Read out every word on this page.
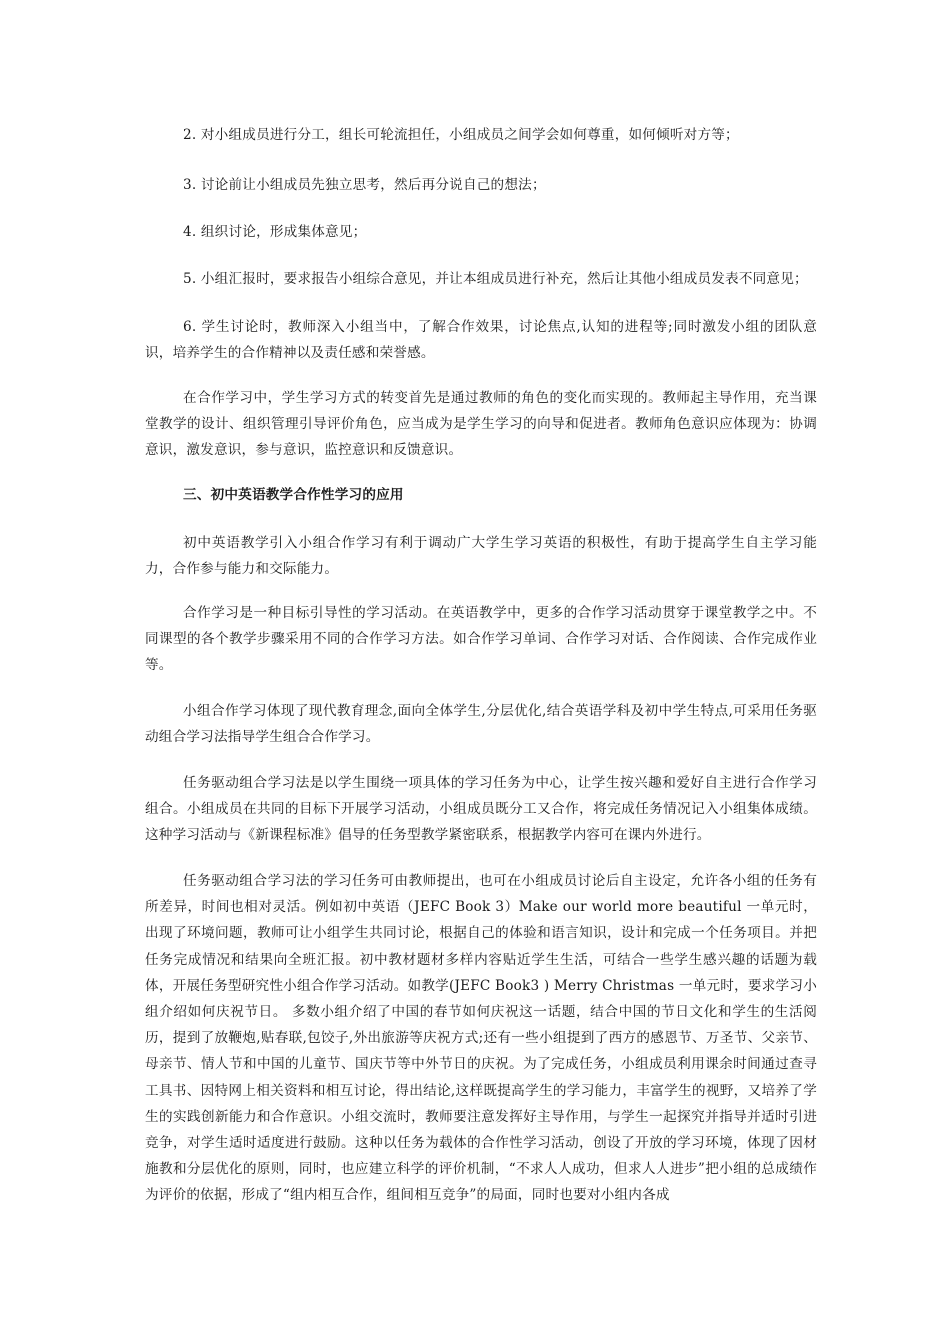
2. 对小组成员进行分工，组长可轮流担任，小组成员之间学会如何尊重，如何倾听对方等；

3. 讨论前让小组成员先独立思考，然后再分说自己的想法；

4. 组织讨论，形成集体意见；

5. 小组汇报时，要求报告小组综合意见，并让本组成员进行补充，然后让其他小组成员发表不同意见；

6. 学生讨论时，教师深入小组当中，了解合作效果，讨论焦点,认知的进程等;同时激发小组的团队意识，培养学生的合作精神以及责任感和荣誉感。

在合作学习中，学生学习方式的转变首先是通过教师的角色的变化而实现的。教师起主导作用，充当课堂教学的设计、组织管理引导评价角色，应当成为是学生学习的向导和促进者。教师角色意识应体现为：协调意识，激发意识，参与意识，监控意识和反馈意识。

三、初中英语教学合作性学习的应用

初中英语教学引入小组合作学习有利于调动广大学生学习英语的积极性，有助于提高学生自主学习能力，合作参与能力和交际能力。

合作学习是一种目标引导性的学习活动。在英语教学中，更多的合作学习活动贯穿于课堂教学之中。不同课型的各个教学步骤采用不同的合作学习方法。如合作学习单词、合作学习对话、合作阅读、合作完成作业等。

小组合作学习体现了现代教育理念,面向全体学生,分层优化,结合英语学科及初中学生特点,可采用任务驱动组合学习法指导学生组合合作学习。

任务驱动组合学习法是以学生围绕一项具体的学习任务为中心，让学生按兴趣和爱好自主进行合作学习组合。小组成员在共同的目标下开展学习活动，小组成员既分工又合作，将完成任务情况记入小组集体成绩。这种学习活动与《新课程标准》倡导的任务型教学紧密联系，根据教学内容可在课内外进行。

任务驱动组合学习法的学习任务可由教师提出，也可在小组成员讨论后自主设定，允许各小组的任务有所差异，时间也相对灵活。例如初中英语（JEFC Book 3）Make our world more beautiful 一单元时，出现了环境问题，教师可让小组学生共同讨论，根据自己的体验和语言知识，设计和完成一个任务项目。并把任务完成情况和结果向全班汇报。初中教材题材多样内容贴近学生生活，可结合一些学生感兴趣的话题为载体，开展任务型研究性小组合作学习活动。如教学(JEFC Book3 ) Merry Christmas 一单元时，要求学习小组介绍如何庆祝节日。 多数小组介绍了中国的春节如何庆祝这一话题，结合中国的节日文化和学生的生活阅历，提到了放鞭炮,贴春联,包饺子,外出旅游等庆祝方式;还有一些小组提到了西方的感恩节、万圣节、父亲节、母亲节、情人节和中国的儿童节、国庆节等中外节日的庆祝。为了完成任务，小组成员利用课余时间通过查寻工具书、因特网上相关资料和相互讨论，得出结论,这样既提高学生的学习能力，丰富学生的视野，又培养了学生的实践创新能力和合作意识。小组交流时，教师要注意发挥好主导作用，与学生一起探究并指导并适时引进竞争，对学生适时适度进行鼓励。这种以任务为载体的合作性学习活动，创设了开放的学习环境，体现了因材施教和分层优化的原则，同时，也应建立科学的评价机制，“不求人人成功，但求人人进步”把小组的总成绩作为评价的依据，形成了“组内相互合作，组间相互竞争”的局面，同时也要对小组内各成
